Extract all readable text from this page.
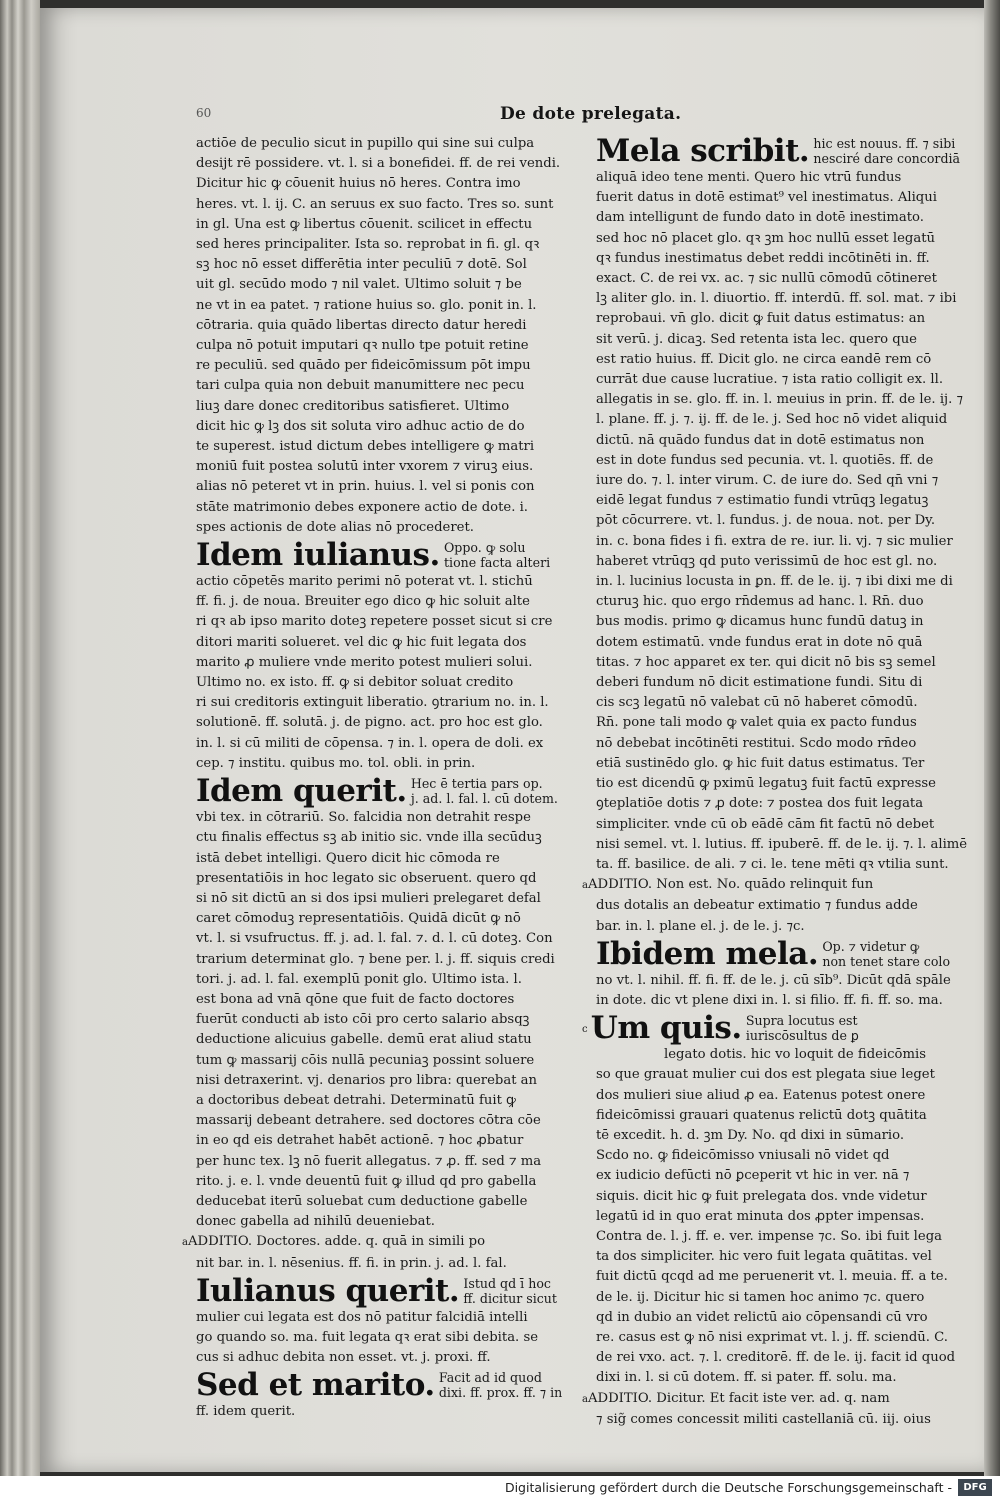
60	De dote prelegata.
actiōe de peculio sicut in pupillo qui sine sui culpa
desijt rē possidere. vt. l. si a bonefidei. ff. de rei vendi.
Dicitur hic ꝙ cōuenit huius nō heres. Contra imo
heres. vt. l. ij. C. an seruus ex suo facto. Tres so. sunt
in gl. Una est ꝙ libertus cōuenit. scilicet in effectu
sed heres principaliter. Ista so. reprobat in fi. gl. qꝛ
sꝫ hoc nō esset differētia inter peculiū ⁊ dotē. Sol
uit gl. secūdo modo ⁊ nil valet. Ultimo soluit ⁊ be
ne vt in ea patet. ⁊ ratione huius so. glo. ponit in. l.
cōtraria. quia quādo libertas directo datur heredi
culpa nō potuit imputari qꝛ nullo tpe potuit retine
re peculiū. sed quādo per fideicōmissum pōt impu
tari culpa quia non debuit manumittere nec pecu
liuꝫ dare donec creditoribus satisfieret. Ultimo
dicit hic ꝙ lꝫ dos sit soluta viro adhuc actio de do
te superest. istud dictum debes intelligere ꝙ matri
moniū fuit postea solutū inter vxorem ⁊ viruꝫ eius.
alias nō peteret vt in prin. huius. l. vel si ponis con
stāte matrimonio debes exponere actio de dote. i.
spes actionis de dote alias nō procederet.
Idem iulianus. Oppo. ꝙ solu
tione facta alteri
actio cōpetēs marito perimi nō poterat vt. l. stichū
ff. fi. j. de noua. Breuiter ego dico ꝙ hic soluit alte
ri qꝛ ab ipso marito doteꝫ repetere posset sicut si cre
ditori mariti solueret. vel dic ꝙ hic fuit legata dos
marito ꝓ muliere vnde merito potest mulieri solui.
Ultimo no. ex isto. ff. ꝙ si debitor soluat credito
ri sui creditoris extinguit liberatio. ꝯtrarium no. in. l.
solutionē. ff. solutā. j. de pigno. act. pro hoc est glo.
in. l. si cū militi de cōpensa. ⁊ in. l. opera de doli. ex
cep. ⁊ institu. quibus mo. tol. obli. in prin.
Idem querit. Hec ē tertia pars op.
j. ad. l. fal. l. cū dotem.
vbi tex. in cōtrariū. So. falcidia non detrahit respe
ctu finalis effectus sꝫ ab initio sic. vnde illa secūduꝫ
istā debet intelligi. Quero dicit hic cōmoda re
presentatiōis in hoc legato sic obseruent. quero qd
si nō sit dictū an si dos ipsi mulieri prelegaret defal
caret cōmoduꝫ representatiōis. Quidā dicūt ꝙ nō
vt. l. si vsufructus. ff. j. ad. l. fal. ⁊. d. l. cū doteꝫ. Con
trarium determinat glo. ⁊ bene per. l. j. ff. siquis credi
tori. j. ad. l. fal. exemplū ponit glo. Ultimo ista. l.
est bona ad vnā qōne que fuit de facto doctores
fuerūt conducti ab isto cōi pro certo salario absqꝫ
deductione alicuius gabelle. demū erat aliud statu
tum ꝙ massarij cōis nullā pecuniaꝫ possint soluere
nisi detraxerint. vj. denarios pro libra: querebat an
a doctoribus debeat detrahi. Determinatū fuit ꝙ
massarij debeant detrahere. sed doctores cōtra cōe
in eo qd eis detrahet habēt actionē. ⁊ hoc ꝓbatur
per hunc tex. lꝫ nō fuerit allegatus. ⁊ ꝓ. ff. sed ⁊ ma
rito. j. e. l. vnde deuentū fuit ꝙ illud qd pro gabella
deducebat iterū soluebat cum deductione gabelle
donec gabella ad nihilū deueniebat.
aADDITIO. Doctores. adde. q. quā in simili po
nit bar. in. l. nēsenius. ff. fi. in prin. j. ad. l. fal.
Iulianus querit. Istud qd ī hoc
ff. dicitur sicut
mulier cui legata est dos nō patitur falcidiā intelli
go quando so. ma. fuit legata qꝛ erat sibi debita. se
cus si adhuc debita non esset. vt. j. proxi. ff.
Sed et marito. Facit ad id quod
dixi. ff. prox. ff. ⁊ in
ff. idem querit.
Mela scribit. hic est nouus. ff. ⁊ sibi
nesciré dare concordiā
aliquā ideo tene menti. Quero hic vtrū fundus
fuerit datus in dotē estimat⁹ vel inestimatus. Aliqui
dam intelligunt de fundo dato in dotē inestimato.
sed hoc nō placet glo. qꝛ ꝫm hoc nullū esset legatū
qꝛ fundus inestimatus debet reddi incōtinēti in. ff.
exact. C. de rei vx. ac. ⁊ sic nullū cōmodū cōtineret
lꝫ aliter glo. in. l. diuortio. ff. interdū. ff. sol. mat. ⁊ ibi
reprobaui. vn̄ glo. dicit ꝙ fuit datus estimatus: an
sit verū. j. dicaꝫ. Sed retenta ista lec. quero que
est ratio huius. ff. Dicit glo. ne circa eandē rem cō
currāt due cause lucratiue. ⁊ ista ratio colligit ex. ll.
allegatis in se. glo. ff. in. l. meuius in prin. ff. de le. ij. ⁊
l. plane. ff. j. ⁊. ij. ff. de le. j. Sed hoc nō videt aliquid
dictū. nā quādo fundus dat in dotē estimatus non
est in dote fundus sed pecunia. vt. l. quotiēs. ff. de
iure do. ⁊. l. inter virum. C. de iure do. Sed qn̄ vni ⁊
eidē legat fundus ⁊ estimatio fundi vtrūqꝫ legatuꝫ
pōt cōcurrere. vt. l. fundus. j. de noua. not. per Dy.
in. c. bona fides i fi. extra de re. iur. li. vj. ⁊ sic mulier
haberet vtrūqꝫ qd puto verissimū de hoc est gl. no.
in. l. lucinius locusta in ꝑn. ff. de le. ij. ⁊ ibi dixi me di
cturuꝫ hic. quo ergo rn̄demus ad hanc. l. Rn̄. duo
bus modis. primo ꝙ dicamus hunc fundū datuꝫ in
dotem estimatū. vnde fundus erat in dote nō quā
titas. ⁊ hoc apparet ex ter. qui dicit nō bis sꝫ semel
deberi fundum nō dicit estimatione fundi. Situ di
cis scꝫ legatū nō valebat cū nō haberet cōmodū.
Rn̄. pone tali modo ꝙ valet quia ex pacto fundus
nō debebat incōtinēti restitui. Scdo modo rn̄deo
etiā sustinēdo glo. ꝙ hic fuit datus estimatus. Ter
tio est dicendū ꝙ pximū legatuꝫ fuit factū expresse
ꝯteplatiōe dotis ⁊ ꝓ dote: ⁊ postea dos fuit legata
simpliciter. vnde cū ob eādē cām fit factū nō debet
nisi semel. vt. l. lutius. ff. ipuberē. ff. de le. ij. ⁊. l. alimē
ta. ff. basilice. de ali. ⁊ ci. le. tene mēti qꝛ vtilia sunt.
aADDITIO. Non est. No. quādo relinquit fun
dus dotalis an debeatur extimatio ⁊ fundus adde
bar. in. l. plane el. j. de le. j. ⁊c.
Ibidem mela. Op. ⁊ videtur ꝙ
non tenet stare colo
no vt. l. nihil. ff. fi. ff. de le. j. cū sīb⁹. Dicūt qdā spāle
in dote. dic vt plene dixi in. l. si filio. ff. fi. ff. so. ma.
c Um quis. Supra locutus est
iuriscōsultus de ꝑ
legato dotis. hic vo loquit de fideicōmis
so que grauat mulier cui dos est plegata siue leget
dos mulieri siue aliud ꝓ ea. Eatenus potest onere
fideicōmissi grauari quatenus relictū dotꝫ quātita
tē excedit. h. d. ꝫm Dy. No. qd dixi in sūmario.
Scdo no. ꝙ fideicōmisso vniusali nō videt qd
ex iudicio defūcti nō ꝑceperit vt hic in ver. nā ⁊
siquis. dicit hic ꝙ fuit prelegata dos. vnde videtur
legatū id in quo erat minuta dos ꝓpter impensas.
Contra de. l. j. ff. e. ver. impense ⁊c. So. ibi fuit lega
ta dos simpliciter. hic vero fuit legata quātitas. vel
fuit dictū qcqd ad me peruenerit vt. l. meuia. ff. a te.
de le. ij. Dicitur hic si tamen hoc animo ⁊c. quero
qd in dubio an videt relictū aio cōpensandi cū vro
re. casus est ꝙ nō nisi exprimat vt. l. j. ff. sciendū. C.
de rei vxo. act. ⁊. l. creditorē. ff. de le. ij. facit id quod
dixi in. l. si cū dotem. ff. si pater. ff. solu. ma.
aADDITIO. Dicitur. Et facit iste ver. ad. q. nam
⁊ sig̃ comes concessit militi castellaniā cū. iij. oius
Digitalisierung gefördert durch die Deutsche Forschungsgemeinschaft -	DFG
